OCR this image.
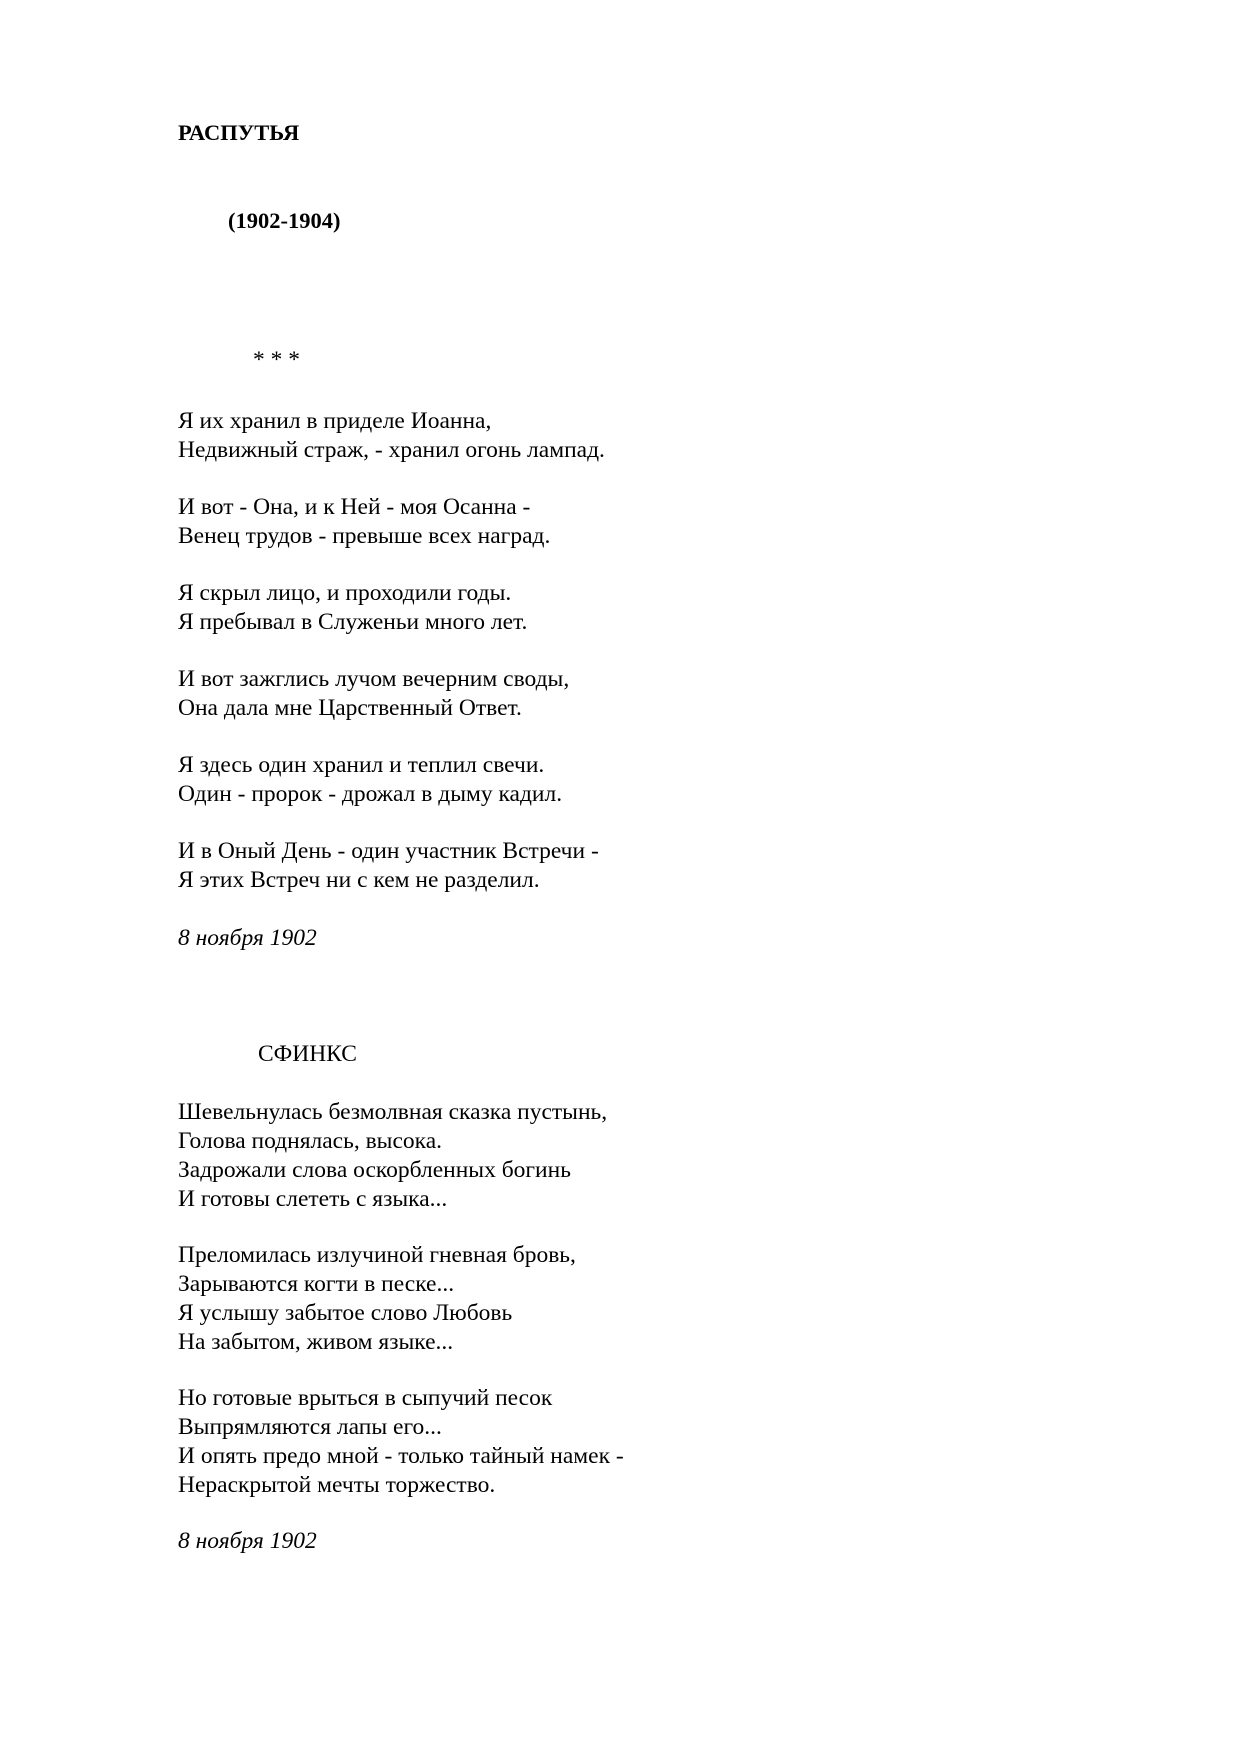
РАСПУТЬЯ
(1902-1904)
* * *
Я их хранил в приделе Иоанна,
Недвижный страж, - хранил огонь лампад.
И вот - Она, и к Ней - моя Осанна -
Венец трудов - превыше всех наград.
Я скрыл лицо, и проходили годы.
Я пребывал в Служеньи много лет.
И вот зажглись лучом вечерним своды,
Она дала мне Царственный Ответ.
Я здесь один хранил и теплил свечи.
Один - пророк - дрожал в дыму кадил.
И в Оный День - один участник Встречи -
Я этих Встреч ни с кем не разделил.
8 ноября 1902
СФИНКС
Шевельнулась безмолвная сказка пустынь,
Голова поднялась, высока.
Задрожали слова оскорбленных богинь
И готовы слететь с языка...
Преломилась излучиной гневная бровь,
Зарываются когти в песке...
Я услышу забытое слово Любовь
На забытом, живом языке...
Но готовые врыться в сыпучий песок
Выпрямляются лапы его...
И опять предо мной - только тайный намек -
Нераскрытой мечты торжество.
8 ноября 1902
